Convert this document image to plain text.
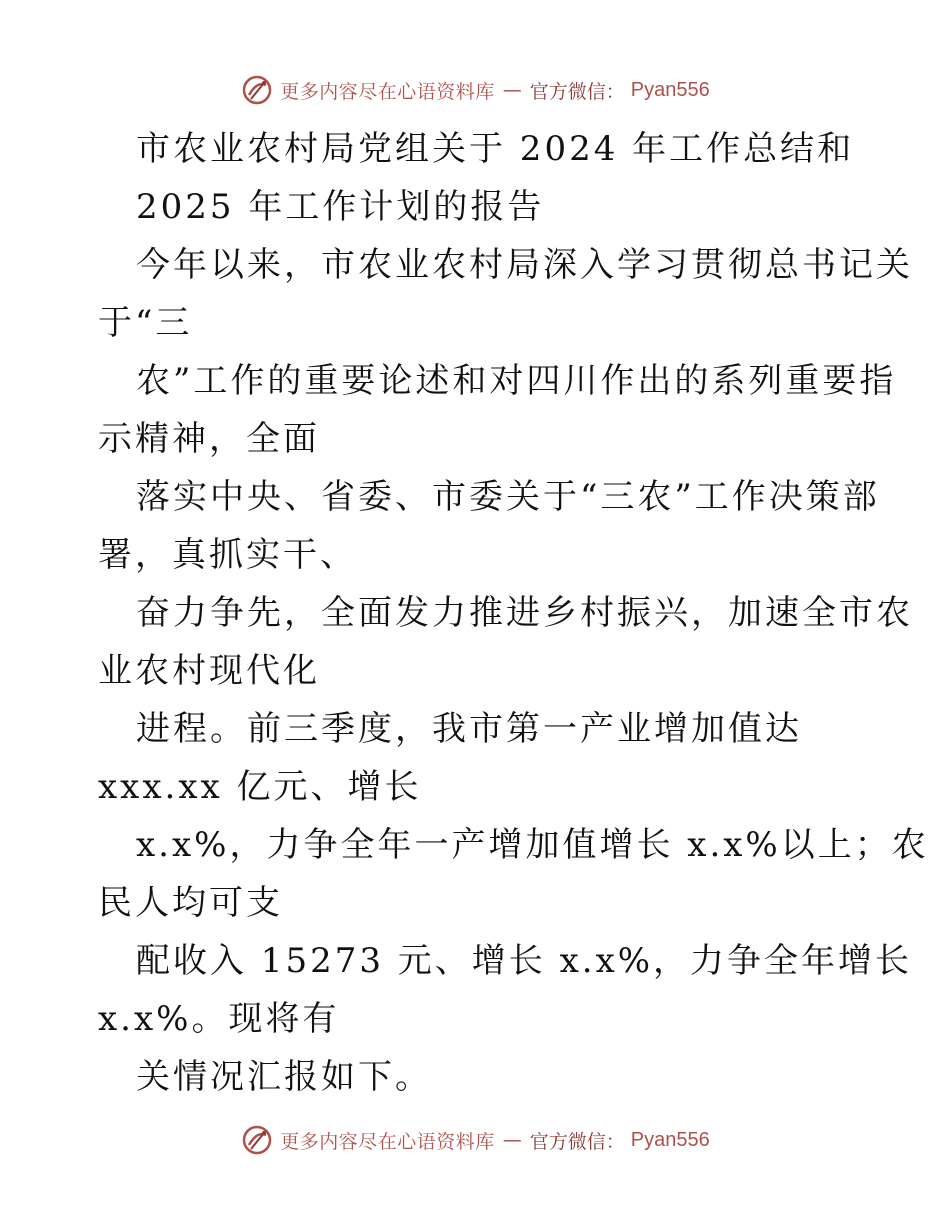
更多内容尽在心语资料库 — 官方微信： Pyan556
市农业农村局党组关于 2024 年工作总结和
2025 年工作计划的报告
今年以来，市农业农村局深入学习贯彻总书记关
于“三
农”工作的重要论述和对四川作出的系列重要指
示精神，全面
落实中央、省委、市委关于“三农”工作决策部
署，真抓实干、
奋力争先，全面发力推进乡村振兴，加速全市农
业农村现代化
进程。前三季度，我市第一产业增加值达
xxx.xx 亿元、增长
x.x%，力争全年一产增加值增长 x.x%以上；农
民人均可支
配收入 15273 元、增长 x.x%，力争全年增长
x.x%。现将有
关情况汇报如下。
更多内容尽在心语资料库 — 官方微信： Pyan556
